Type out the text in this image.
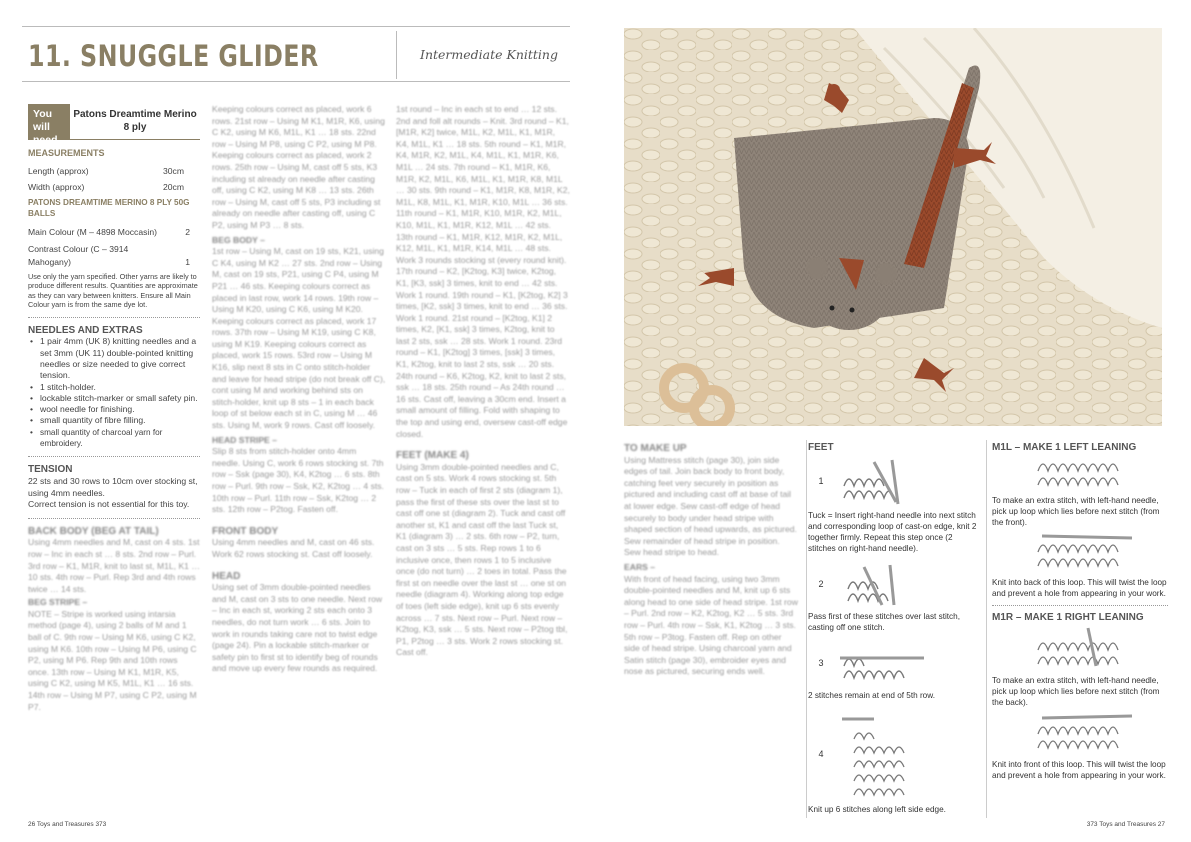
11. SNUGGLE GLIDER	Intermediate Knitting
You will need
Patons Dreamtime Merino 8 ply
MEASUREMENTS
Length (approx)	30cm
Width (approx)	20cm
PATONS DREAMTIME MERINO 8 PLY 50G BALLS
Main Colour (M – 4898 Moccasin)	2
Contrast Colour (C – 3914 Mahogany)	1
Use only the yarn specified. Other yarns are likely to produce different results. Quantities are approximate as they can vary between knitters. Ensure all Main Colour yarn is from the same dye lot.
NEEDLES AND EXTRAS
• 1 pair 4mm (UK 8) knitting needles and a set 3mm (UK 11) double-pointed knitting needles or size needed to give correct tension.
• 1 stitch-holder.
• lockable stitch-marker or small safety pin.
• wool needle for finishing.
• small quantity of fibre filling.
• small quantity of charcoal yarn for embroidery.
TENSION
22 sts and 30 rows to 10cm over stocking st, using 4mm needles.
Correct tension is not essential for this toy.
BACK BODY (BEG AT TAIL)
Using 4mm needles and M, cast on 4 sts. 1st row – Inc in each st … 8 sts. 2nd row – Purl. 3rd row – K1, M1R, knit to last st, M1L, K1 … 10 sts. 4th row – Purl. Rep 3rd and 4th rows twice … 14 sts.
BEG STRIPE –
NOTE – Stripe is worked using intarsia method (page 4), using 2 balls of M and 1 ball of C. 9th row – Using M K6, using C K2, using M K6. 10th row – Using M P6, using C P2, using M P6. Rep 9th and 10th rows once. 13th row – Using M K1, M1R, K5, using C K2, using M K5, M1L, K1 … 16 sts. 14th row – Using M P7, using C P2, using M P7.
Keeping colours correct as placed, work 6 rows. 21st row – Using M K1, M1R, K6, using C K2, using M K6, M1L, K1 … 18 sts. 22nd row – Using M P8, using C P2, using M P8. Keeping colours correct as placed, work 2 rows. 25th row – Using M, cast off 5 sts, K3 including st already on needle after casting off, using C K2, using M K8 … 13 sts. 26th row – Using M, cast off 5 sts, P3 including st already on needle after casting off, using C P2, using M P3 … 8 sts.
BEG BODY –
1st row – Using M, cast on 19 sts, K21, using C K4, using M K2 … 27 sts. 2nd row – Using M, cast on 19 sts, P21, using C P4, using M P21 … 46 sts. Keeping colours correct as placed in last row, work 14 rows. 19th row – Using M K20, using C K6, using M K20. Keeping colours correct as placed, work 17 rows. 37th row – Using M K19, using C K8, using M K19. Keeping colours correct as placed, work 15 rows. 53rd row – Using M K16, slip next 8 sts in C onto stitch-holder and leave for head stripe (do not break off C), cont using M and working behind sts on stitch-holder, knit up 8 sts – 1 in each back loop of st below each st in C, using M … 46 sts. Using M, work 9 rows. Cast off loosely.
HEAD STRIPE –
Slip 8 sts from stitch-holder onto 4mm needle. Using C, work 6 rows stocking st. 7th row – Ssk (page 30), K4, K2tog … 6 sts. 8th row – Purl. 9th row – Ssk, K2, K2tog … 4 sts. 10th row – Purl. 11th row – Ssk, K2tog … 2 sts. 12th row – P2tog. Fasten off.
FRONT BODY
Using 4mm needles and M, cast on 46 sts. Work 62 rows stocking st. Cast off loosely.
HEAD
Using set of 3mm double-pointed needles and M, cast on 3 sts to one needle. Next row – Inc in each st, working 2 sts each onto 3 needles, do not turn work … 6 sts. Join to work in rounds taking care not to twist edge (page 24). Pin a lockable stitch-marker or safety pin to first st to identify beg of rounds and move up every few rounds as required.
1st round – Inc in each st to end … 12 sts. 2nd and foll alt rounds – Knit. 3rd round – K1, [M1R, K2] twice, M1L, K2, M1L, K1, M1R, K4, M1L, K1 … 18 sts. 5th round – K1, M1R, K4, M1R, K2, M1L, K4, M1L, K1, M1R, K6, M1L … 24 sts. 7th round – K1, M1R, K6, M1R, K2, M1L, K6, M1L, K1, M1R, K8, M1L … 30 sts. 9th round – K1, M1R, K8, M1R, K2, M1L, K8, M1L, K1, M1R, K10, M1L … 36 sts. 11th round – K1, M1R, K10, M1R, K2, M1L, K10, M1L, K1, M1R, K12, M1L … 42 sts. 13th round – K1, M1R, K12, M1R, K2, M1L, K12, M1L, K1, M1R, K14, M1L … 48 sts. Work 3 rounds stocking st (every round knit). 17th round – K2, [K2tog, K3] twice, K2tog, K1, [K3, ssk] 3 times, knit to end … 42 sts. Work 1 round. 19th round – K1, [K2tog, K2] 3 times, [K2, ssk] 3 times, knit to end … 36 sts. Work 1 round. 21st round – [K2tog, K1] 2 times, K2, [K1, ssk] 3 times, K2tog, knit to last 2 sts, ssk … 28 sts. Work 1 round. 23rd round – K1, [K2tog] 3 times, [ssk] 3 times, K1, K2tog, knit to last 2 sts, ssk … 20 sts. 24th round – K6, K2tog, K2, knit to last 2 sts, ssk … 18 sts. 25th round – As 24th round … 16 sts. Cast off, leaving a 30cm end. Insert a small amount of filling. Fold with shaping to the top and using end, oversew cast-off edge closed.
FEET (MAKE 4)
Using 3mm double-pointed needles and C, cast on 5 sts. Work 4 rows stocking st. 5th row – Tuck in each of first 2 sts (diagram 1), pass the first of these sts over the last st to cast off one st (diagram 2). Tuck and cast off another st, K1 and cast off the last Tuck st, K1 (diagram 3) … 2 sts. 6th row – P2, turn, cast on 3 sts … 5 sts. Rep rows 1 to 6 inclusive once, then rows 1 to 5 inclusive once (do not turn) … 2 toes in total. Pass the first st on needle over the last st … one st on needle (diagram 4). Working along top edge of toes (left side edge), knit up 6 sts evenly across … 7 sts. Next row – Purl. Next row – K2tog, K3, ssk … 5 sts. Next row – P2tog tbl, P1, P2tog … 3 sts. Work 2 rows stocking st. Cast off.
26 Toys and Treasures 373
TO MAKE UP
Using Mattress stitch (page 30), join side edges of tail. Join back body to front body, catching feet very securely in position as pictured and including cast off at base of tail at lower edge. Sew cast-off edge of head securely to body under head stripe with shaped section of head upwards, as pictured. Sew remainder of head stripe in position. Sew head stripe to head.
EARS –
With front of head facing, using two 3mm double-pointed needles and M, knit up 6 sts along head to one side of head stripe. 1st row – Purl. 2nd row – K2, K2tog, K2 … 5 sts. 3rd row – Purl. 4th row – Ssk, K1, K2tog … 3 sts. 5th row – P3tog. Fasten off. Rep on other side of head stripe. Using charcoal yarn and Satin stitch (page 30), embroider eyes and nose as pictured, securing ends well.
FEET
1
Tuck = Insert right-hand needle into next stitch and corresponding loop of cast-on edge, knit 2 together firmly. Repeat this step once (2 stitches on right-hand needle).
2
Pass first of these stitches over last stitch, casting off one stitch.
3
2 stitches remain at end of 5th row.
4
Knit up 6 stitches along left side edge.
M1L – MAKE 1 LEFT LEANING
To make an extra stitch, with left-hand needle, pick up loop which lies before next stitch (from the front).
Knit into back of this loop. This will twist the loop and prevent a hole from appearing in your work.
M1R – MAKE 1 RIGHT LEANING
To make an extra stitch, with left-hand needle, pick up loop which lies before next stitch (from the back).
Knit into front of this loop. This will twist the loop and prevent a hole from appearing in your work.
373 Toys and Treasures 27
